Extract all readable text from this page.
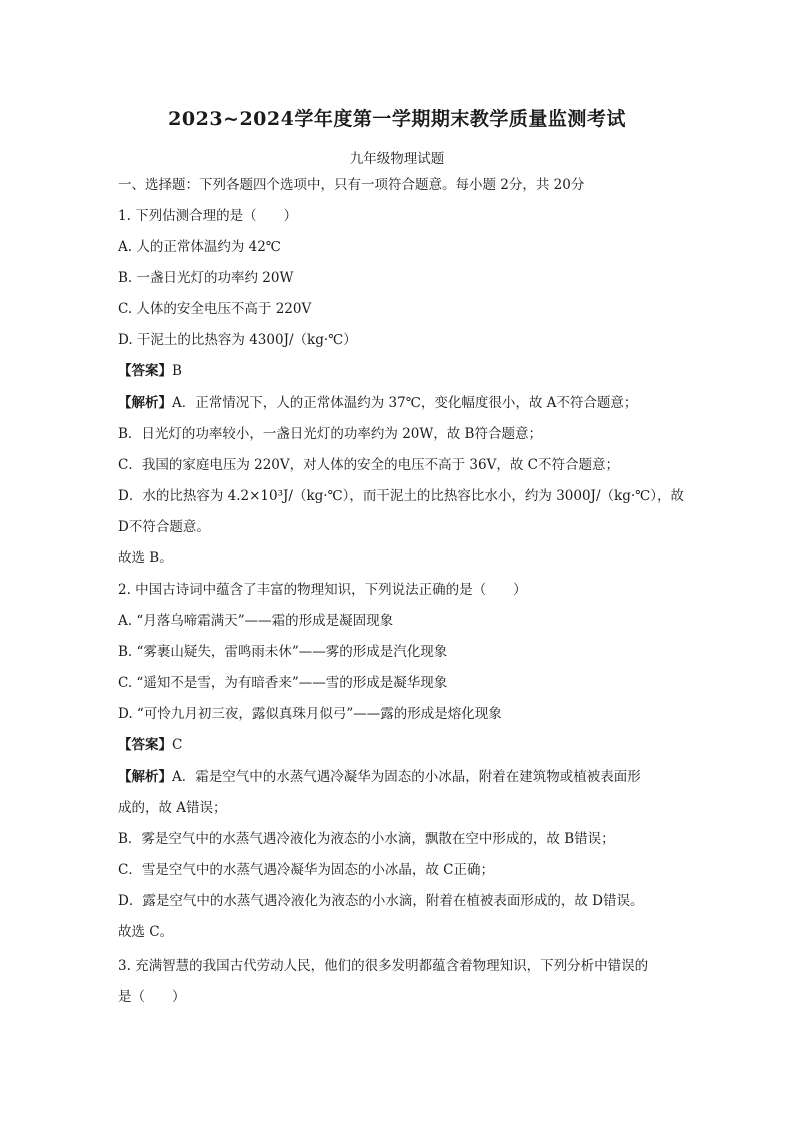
2023~2024学年度第一学期期末教学质量监测考试
九年级物理试题
一、选择题：下列各题四个选项中，只有一项符合题意。每小题 2分，共 20分
1. 下列估测合理的是（　　）
A. 人的正常体温约为 42℃
B. 一盏日光灯的功率约 20W
C. 人体的安全电压不高于 220V
D. 干泥土的比热容为 4300J/（kg·℃）
【答案】B
【解析】A．正常情况下，人的正常体温约为 37℃，变化幅度很小，故 A不符合题意；
B．日光灯的功率较小，一盏日光灯的功率约为 20W，故 B符合题意；
C．我国的家庭电压为 220V，对人体的安全的电压不高于 36V，故 C不符合题意；
D．水的比热容为 4.2×10³J/（kg·℃），而干泥土的比热容比水小，约为 3000J/（kg·℃），故
D不符合题意。
故选 B。
2. 中国古诗词中蕴含了丰富的物理知识，下列说法正确的是（　　）
A. “月落乌啼霜满天”——霜的形成是凝固现象
B. “雾裹山疑失，雷鸣雨未休”——雾的形成是汽化现象
C. “遥知不是雪，为有暗香来”——雪的形成是凝华现象
D. “可怜九月初三夜，露似真珠月似弓”——露的形成是熔化现象
【答案】C
【解析】A．霜是空气中的水蒸气遇冷凝华为固态的小冰晶，附着在建筑物或植被表面形
成的，故 A错误；
B．雾是空气中的水蒸气遇冷液化为液态的小水滴，飘散在空中形成的，故 B错误；
C．雪是空气中的水蒸气遇冷凝华为固态的小冰晶，故 C正确；
D．露是空气中的水蒸气遇冷液化为液态的小水滴，附着在植被表面形成的，故 D错误。
故选 C。
3. 充满智慧的我国古代劳动人民，他们的很多发明都蕴含着物理知识，下列分析中错误的
是（　　）
